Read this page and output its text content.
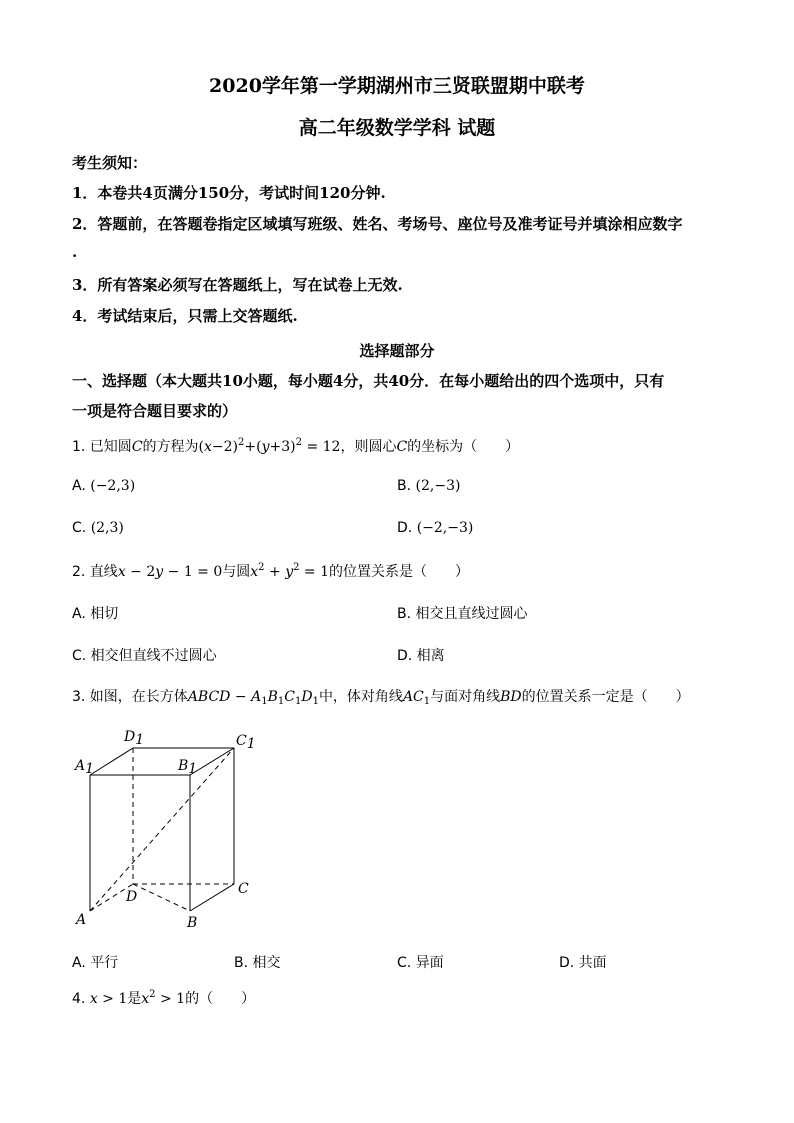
2020学年第一学期湖州市三贤联盟期中联考
高二年级数学学科 试题
考生须知：
1．本卷共4页满分150分，考试时间120分钟.
2．答题前，在答题卷指定区域填写班级、姓名、考场号、座位号及准考证号并填涂相应数字
.
3．所有答案必须写在答题纸上，写在试卷上无效.
4．考试结束后，只需上交答题纸.
选择题部分
一、选择题（本大题共10小题，每小题4分，共40分．在每小题给出的四个选项中，只有
一项是符合题目要求的）
1. 已知圆C的方程为$(x-2)^2+(y+3)^2 = 12$，则圆心C的坐标为（　　）
A. (−2,3)	B. (2,−3)
C. (2,3)	D. (−2,−3)
2. 直线x − 2y − 1 = 0与圆$x^2 + y^2 = 1$的位置关系是（　　）
A. 相切	B. 相交且直线过圆心
C. 相交但直线不过圆心	D. 相离
3. 如图，在长方体ABCD − $A_1B_1C_1D_1$中，体对角线$AC_1$与面对角线BD的位置关系一定是（　　）
D1	C1
A1	B1
C
D
A	B
A. 平行	B. 相交	C. 异面	D. 共面
4. x > 1是$x^2 > 1$的（　　）
